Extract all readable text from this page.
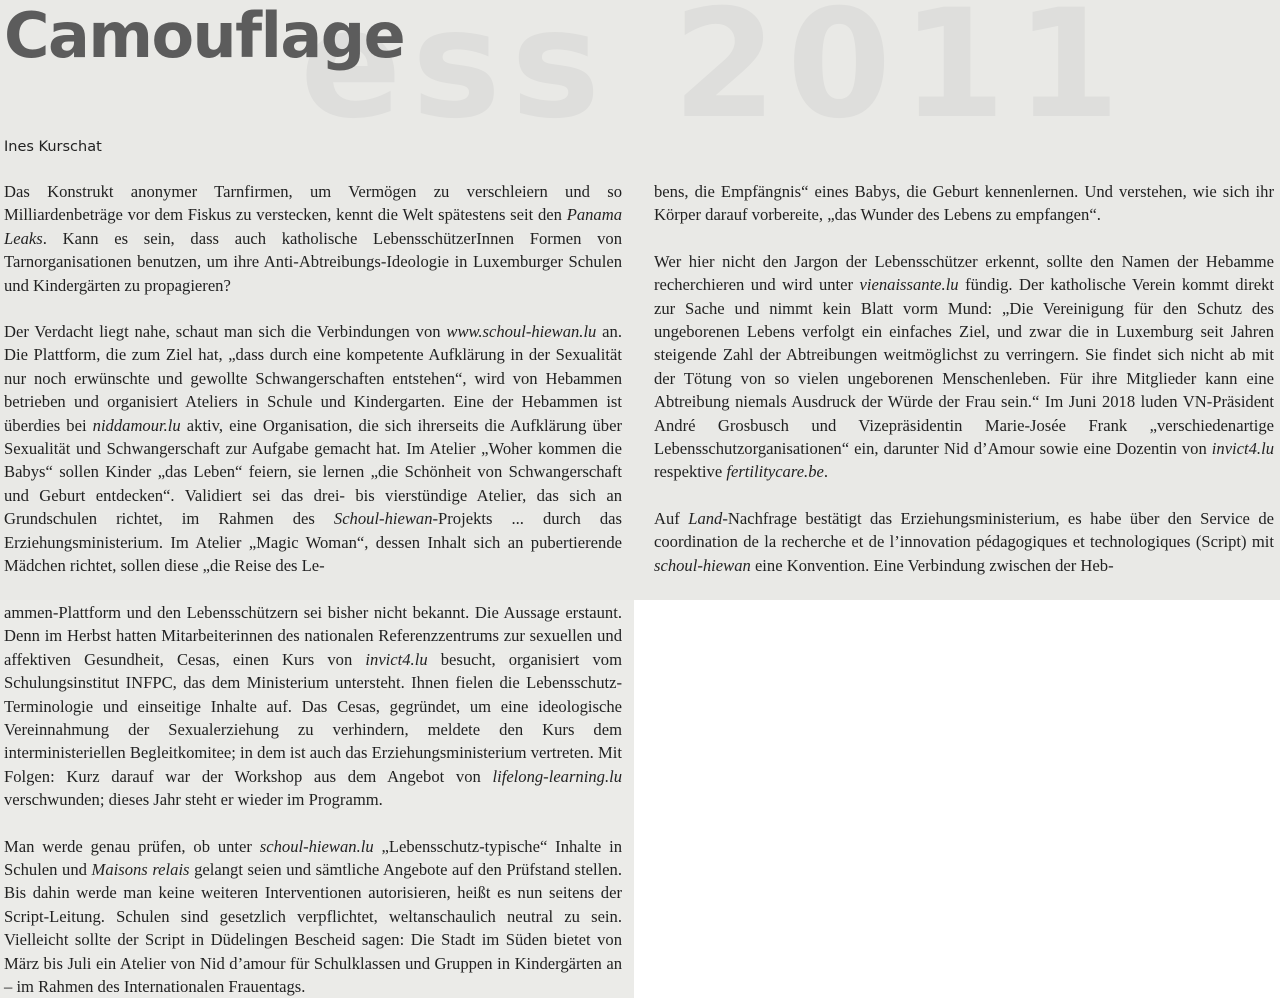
Camouflage
Ines Kurschat

Das Konstrukt anonymer Tarnfirmen, um Vermögen zu verschleiern und so Milliardenbeträge vor dem Fiskus zu verstecken, kennt die Welt spätestens seit den Panama Leaks. Kann es sein, dass auch katholische LebensschützerInnen Formen von Tarnorganisationen benutzen, um ihre Anti-Abtreibungs-Ideologie in Luxemburger Schulen und Kindergärten zu propagieren?

Der Verdacht liegt nahe, schaut man sich die Verbindungen von www.schoul-hiewan.lu an. Die Plattform, die zum Ziel hat, „dass durch eine kompetente Aufklärung in der Sexualität nur noch erwünschte und gewollte Schwangerschaften entstehen“, wird von Hebammen betrieben und organisiert Ateliers in Schule und Kindergarten. Eine der Hebammen ist überdies bei niddamour.lu aktiv, eine Organisation, die sich ihrerseits die Aufklärung über Sexualität und Schwangerschaft zur Aufgabe gemacht hat. Im Atelier „Woher kommen die Babys“ sollen Kinder „das Leben“ feiern, sie lernen „die Schönheit von Schwangerschaft und Geburt entdecken“. Validiert sei das drei- bis vierstündige Atelier, das sich an Grundschulen richtet, im Rahmen des Schoul-hiewan-Projekts ... durch das Erziehungsministerium. Im Atelier „Magic Woman“, dessen Inhalt sich an pubertierende Mädchen richtet, sollen diese „die Reise des Le-

bens, die Empfängnis“ eines Babys, die Geburt kennenlernen. Und verstehen, wie sich ihr Körper darauf vorbereite, „das Wunder des Lebens zu empfangen“.

Wer hier nicht den Jargon der Lebensschützer erkennt, sollte den Namen der Hebamme recherchieren und wird unter vienaissante.lu fündig. Der katholische Verein kommt direkt zur Sache und nimmt kein Blatt vorm Mund: „Die Vereinigung für den Schutz des ungeborenen Lebens verfolgt ein einfaches Ziel, und zwar die in Luxemburg seit Jahren steigende Zahl der Abtreibungen weitmöglichst zu verringern. Sie findet sich nicht ab mit der Tötung von so vielen ungeborenen Menschenleben. Für ihre Mitglieder kann eine Abtreibung niemals Ausdruck der Würde der Frau sein.“ Im Juni 2018 luden VN-Präsident André Grosbusch und Vizepräsidentin Marie-Josée Frank „verschiedenartige Lebensschutzorganisationen“ ein, darunter Nid d’Amour sowie eine Dozentin von invict4.lu respektive fertilitycare.be.

Auf Land-Nachfrage bestätigt das Erziehungsministerium, es habe über den Service de coordination de la recherche et de l’innovation pédagogiques et technologiques (Script) mit schoul-hiewan eine Konvention. Eine Verbindung zwischen der Heb-

ammen-Plattform und den Lebensschützern sei bisher nicht bekannt. Die Aussage erstaunt. Denn im Herbst hatten Mitarbeiterinnen des nationalen Referenzzentrums zur sexuellen und affektiven Gesundheit, Cesas, einen Kurs von invict4.lu besucht, organisiert vom Schulungsinstitut INFPC, das dem Ministerium untersteht. Ihnen fielen die Lebensschutz-Terminologie und einseitige Inhalte auf. Das Cesas, gegründet, um eine ideologische Vereinnahmung der Sexualerziehung zu verhindern, meldete den Kurs dem interministeriellen Begleitkomitee; in dem ist auch das Erziehungsministerium vertreten. Mit Folgen: Kurz darauf war der Workshop aus dem Angebot von lifelong-learning.lu verschwunden; dieses Jahr steht er wieder im Programm.

Man werde genau prüfen, ob unter schoul-hiewan.lu „Lebensschutz-typische“ Inhalte in Schulen und Maisons relais gelangt seien und sämtliche Angebote auf den Prüfstand stellen. Bis dahin werde man keine weiteren Interventionen autorisieren, heißt es nun seitens der Script-Leitung. Schulen sind gesetzlich verpflichtet, weltanschaulich neutral zu sein. Vielleicht sollte der Script in Düdelingen Bescheid sagen: Die Stadt im Süden bietet von März bis Juli ein Atelier von Nid d’amour für Schulklassen und Gruppen in Kindergärten an – im Rahmen des Internationalen Frauentags.
